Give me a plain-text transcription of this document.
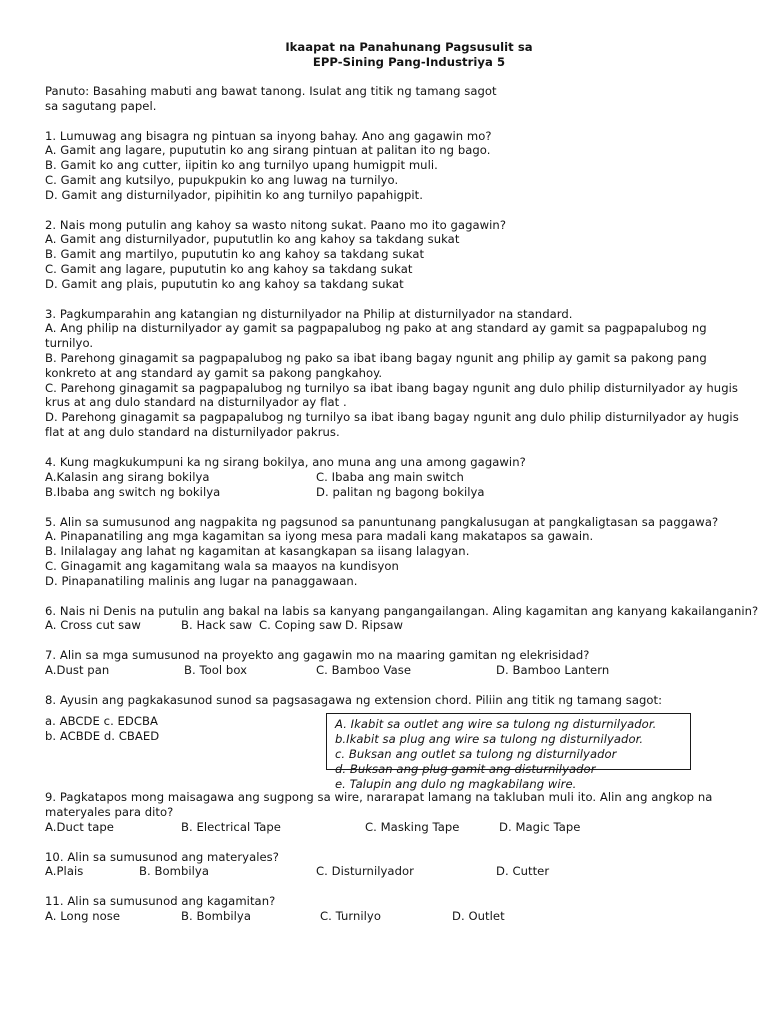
Ikaapat na Panahunang Pagsusulit sa
EPP-Sining Pang-Industriya 5
Panuto: Basahing mabuti ang bawat tanong. Isulat ang titik ng tamang sagot
sa sagutang papel.
1. Lumuwag ang bisagra ng pintuan sa inyong bahay. Ano ang gagawin mo?
A. Gamit ang lagare, pupututin ko ang sirang pintuan at palitan ito ng bago.
B. Gamit ko ang cutter, iipitin ko ang turnilyo upang humigpit muli.
C. Gamit ang kutsilyo, pupukpukin ko ang luwag na turnilyo.
D. Gamit ang disturnilyador, pipihitin ko ang turnilyo papahigpit.
2. Nais mong putulin ang kahoy sa wasto nitong sukat. Paano mo ito gagawin?
A. Gamit ang disturnilyador, pupututlin ko ang kahoy sa takdang sukat
B. Gamit ang martilyo, pupututin ko ang kahoy sa takdang sukat
C. Gamit ang lagare, pupututin ko ang kahoy sa takdang sukat
D. Gamit ang plais, pupututin ko ang kahoy sa takdang sukat
3. Pagkumparahin ang katangian ng disturnilyador na Philip at disturnilyador na standard.
A. Ang philip na disturnilyador ay gamit sa pagpapalubog ng pako at ang standard ay gamit sa pagpapalubog ng
turnilyo.
B. Parehong ginagamit sa pagpapalubog ng pako sa ibat ibang bagay ngunit ang philip ay gamit sa pakong pang
konkreto at ang standard ay gamit sa pakong pangkahoy.
C. Parehong ginagamit sa pagpapalubog ng turnilyo sa ibat ibang bagay ngunit ang dulo philip disturnilyador ay hugis
krus at ang dulo standard na disturnilyador ay flat .
D. Parehong ginagamit sa pagpapalubog ng turnilyo sa ibat ibang bagay ngunit ang dulo philip disturnilyador ay hugis
flat at ang dulo standard na disturnilyador pakrus.
4. Kung magkukumpuni ka ng sirang bokilya, ano muna ang una among gagawin?
A.Kalasin ang sirang bokilya	C. Ibaba ang main switch
B.Ibaba ang switch ng bokilya	D. palitan ng bagong bokilya
5. Alin sa sumusunod ang nagpakita ng pagsunod sa panuntunang pangkalusugan at pangkaligtasan sa paggawa?
A. Pinapanatiling ang mga kagamitan sa iyong mesa para madali kang makatapos sa gawain.
B. Inilalagay ang lahat ng kagamitan at kasangkapan sa iisang lalagyan.
C. Ginagamit ang kagamitang wala sa maayos na kundisyon
D. Pinapanatiling malinis ang lugar na panaggawaan.
6. Nais ni Denis na putulin ang bakal na labis sa kanyang pangangailangan. Aling kagamitan ang kanyang kakailanganin?
A. Cross cut saw	B. Hack saw C. Coping saw D. Ripsaw
7. Alin sa mga sumusunod na proyekto ang gagawin mo na maaring gamitan ng elekrisidad?
A.Dust pan	B. Tool box	C. Bamboo Vase	D. Bamboo Lantern
8. Ayusin ang pagkakasunod sunod sa pagsasagawa ng extension chord. Piliin ang titik ng tamang sagot:
a. ABCDE c. EDCBA
b. ACBDE d. CBAED
A. Ikabit sa outlet ang wire sa tulong ng disturnilyador.
b.Ikabit sa plug ang wire sa tulong ng disturnilyador.
c. Buksan ang outlet sa tulong ng disturnilyador
d. Buksan ang plug gamit ang disturnilyador
e. Talupin ang dulo ng magkabilang wire.
9. Pagkatapos mong maisagawa ang sugpong sa wire, nararapat lamang na takluban muli ito. Alin ang angkop na
materyales para dito?
A.Duct tape	B. Electrical Tape	C. Masking Tape	D. Magic Tape
10. Alin sa sumusunod ang materyales?
A.Plais	B. Bombilya	C. Disturnilyador	D. Cutter
11. Alin sa sumusunod ang kagamitan?
A. Long nose	B. Bombilya	C. Turnilyo	D. Outlet
